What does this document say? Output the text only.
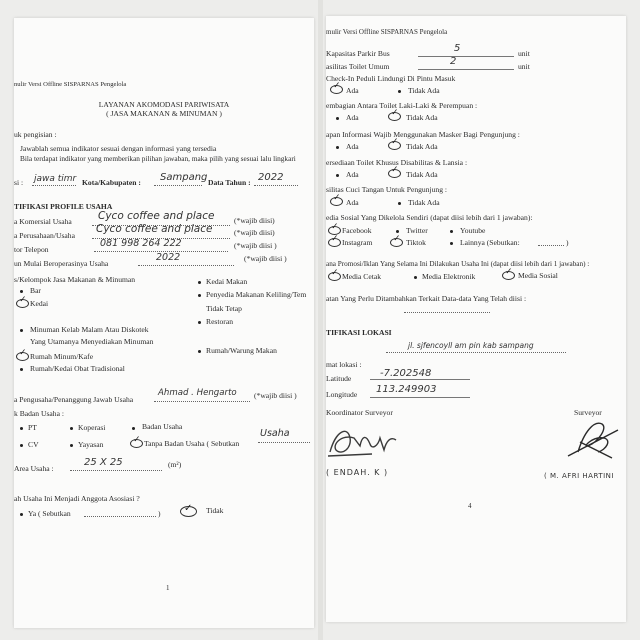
nulir Versi Offline SISPARNAS Pengelola
LAYANAN AKOMODASI PARIWISATA
( JASA MAKANAN & MINUMAN )
uk pengisian :
Jawablah semua indikator sesuai dengan informasi yang tersedia
Bila terdapat indikator yang memberikan pilihan jawaban, maka pilih yang sesuai lalu lingkari
si : jawa timr Kota/Kabupaten : Sampang Data Tahun : 2022
TIFIKASI PROFILE USAHA
a Komersial Usaha Cyco coffee and place	(*wajib diisi)
a Perusahaan/Usaha
Cyco coffee and place	(*wajib diisi)
tor Telepon
081 998 264 222	(*wajib diisi )
un Mulai Beroperasinya Usaha
2022	(*wajib diisi )
s/Kelompok Jasa Makanan & Minuman
Bar
✓ Kedai
Minuman Kelab Malam Atau Diskotek
Yang Utamanya Menyediakan Minuman
✓ Rumah Minum/Kafe
Rumah/Kedai Obat Tradisional
Kedai Makan
Penyedia Makanan Keliling/Tem
Tidak Tetap
Restoran
Rumah/Warung Makan
a Pengusaha/Penanggung Jawab Usaha
Ahmad . Hengarto (*wajib diisi )
k Badan Usaha :
PT	Koperasi	Badan Usaha
CV	Yayasan	✓ Tanpa Badan Usaha ( Sebutkan
Usaha
Area Usaha :
25 X 25	(m²)
ah Usaha Ini Menjadi Anggota Asosiasi ?
Ya ( Sebutkan	) ✓ Tidak
1
mulir Versi Offline SISPARNAS Pengelola
Kapasitas Parkir Bus	5	unit
asilitas Toilet Umum	2	unit
Check-In Peduli Lindungi Di Pintu Masuk
✓ Ada	Tidak Ada
embagian Antara Toilet Laki-Laki & Perempuan :
Ada	✓ Tidak Ada
apan Informasi Wajib Menggunakan Masker Bagi Pengunjung :
Ada	✓ Tidak Ada
ersediaan Toilet Khusus Disabilitas & Lansia :
Ada	✓ Tidak Ada
silitas Cuci Tangan Untuk Pengunjung :
✓ Ada	Tidak Ada
edia Sosial Yang Dikelola Sendiri (dapat diisi lebih dari 1 jawaban):
✓ Facebook	Twitter	Youtube
✓ Instagram ✓ Tiktok	Lainnya (Sebutkan:	)
ana Promosi/Iklan Yang Selama Ini Dilakukan Usaha Ini (dapat diisi lebih dari 1 jawaban) :
✓ Media Cetak	Media Elektronik	✓ Media Sosial
atan Yang Perlu Ditambahkan Terkait Data-data Yang Telah diisi :
TIFIKASI LOKASI
jl. sjfencoyll am pin kab sampang
mat lokasi :
Latitude	-7.202548
Longitude 113.249903
Koordinator Surveyor	Surveyor
( ENDAH. K )	( M. AFRI HARTINI
4
